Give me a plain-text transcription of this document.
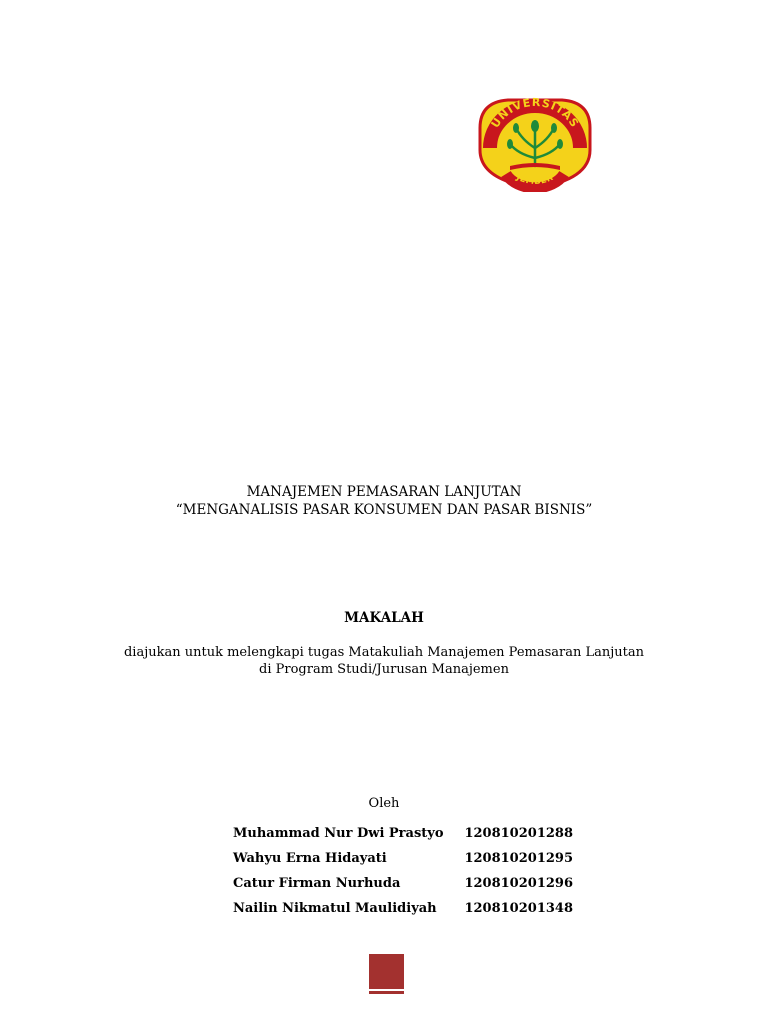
UNIVERSITAS
JEMBER
MANAJEMEN PEMASARAN LANJUTAN
“MENGANALISIS PASAR KONSUMEN DAN PASAR BISNIS”
MAKALAH
diajukan untuk melengkapi tugas Matakuliah Manajemen Pemasaran Lanjutan
di Program Studi/Jurusan Manajemen
Oleh
Muhammad Nur Dwi Prastyo	120810201288
Wahyu Erna Hidayati	120810201295
Catur Firman Nurhuda	120810201296
Nailin Nikmatul Maulidiyah	120810201348
